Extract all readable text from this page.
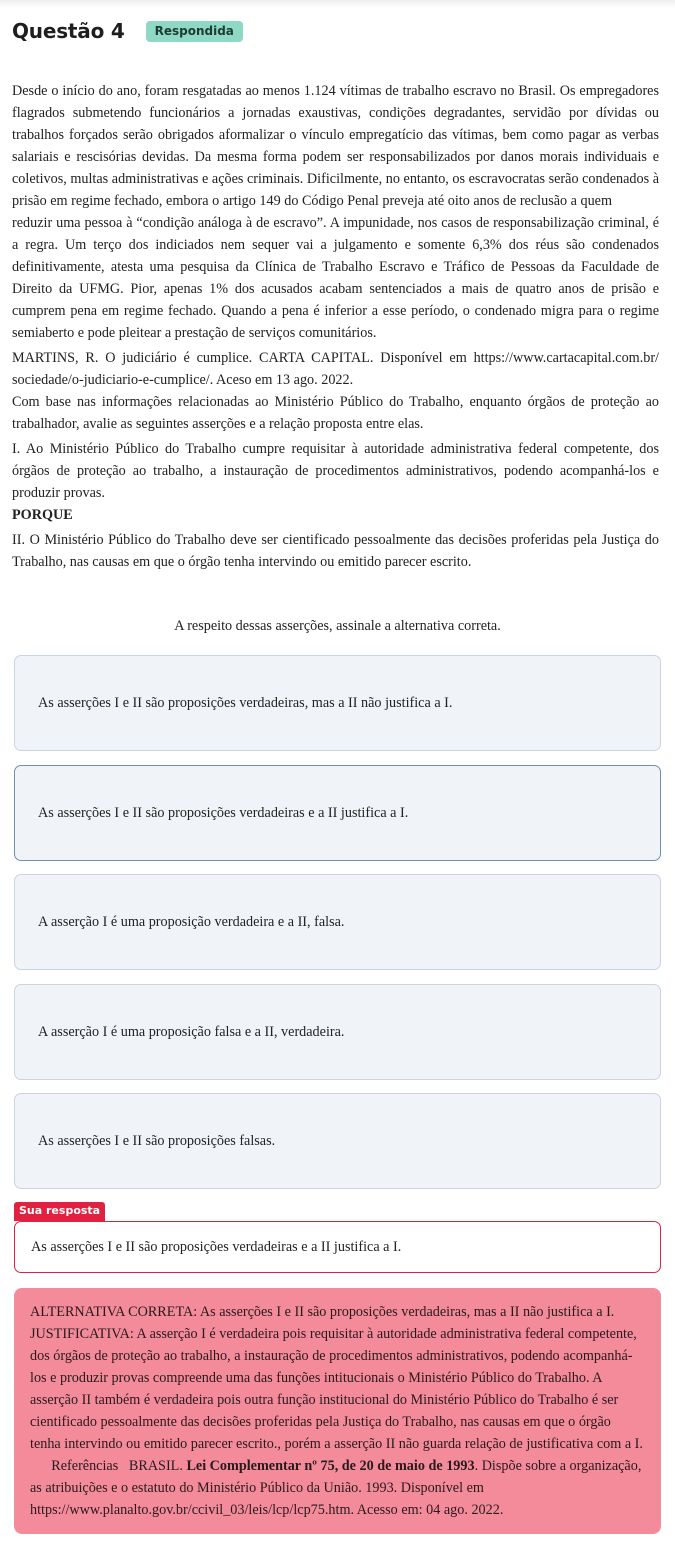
Questão 4	Respondida

Desde o início do ano, foram resgatadas ao menos 1.124 vítimas de trabalho escravo no Brasil. Os empregadores flagrados submetendo funcionários a jornadas exaustivas, condições degradantes, servidão por dívidas ou trabalhos forçados serão obrigados aformalizar o vínculo empregatício das vítimas, bem como pagar as verbas salariais e rescisórias devidas. Da mesma forma podem ser responsabilizados por danos morais individuais e coletivos, multas administrativas e ações criminais. Dificilmente, no entanto, os escravocratas serão condenados à prisão em regime fechado, embora o artigo 149 do Código Penal preveja até oito anos de reclusão a quem

reduzir uma pessoa à “condição análoga à de escravo”. A impunidade, nos casos de responsabilização criminal, é a regra. Um terço dos indiciados nem sequer vai a julgamento e somente 6,3% dos réus são condenados definitivamente, atesta uma pesquisa da Clínica de Trabalho Escravo e Tráfico de Pessoas da Faculdade de Direito da UFMG. Pior, apenas 1% dos acusados acabam sentenciados a mais de quatro anos de prisão e cumprem pena em regime fechado. Quando a pena é inferior a esse período, o condenado migra para o regime semiaberto e pode pleitear a prestação de serviços comunitários.

MARTINS, R. O judiciário é cumplice. CARTA CAPITAL. Disponível em https://www.cartacapital.com.br/ sociedade/o-judiciario-e-cumplice/. Aceso em 13 ago. 2022.

Com base nas informações relacionadas ao Ministério Público do Trabalho, enquanto órgãos de proteção ao trabalhador, avalie as seguintes asserções e a relação proposta entre elas.

I. Ao Ministério Público do Trabalho cumpre requisitar à autoridade administrativa federal competente, dos órgãos de proteção ao trabalho, a instauração de procedimentos administrativos, podendo acompanhá-los e produzir provas.

PORQUE

II. O Ministério Público do Trabalho deve ser cientificado pessoalmente das decisões proferidas pela Justiça do Trabalho, nas causas em que o órgão tenha intervindo ou emitido parecer escrito.

A respeito dessas asserções, assinale a alternativa correta.
As asserções I e II são proposições verdadeiras, mas a II não justifica a I.
As asserções I e II são proposições verdadeiras e a II justifica a I.
A asserção I é uma proposição verdadeira e a II, falsa.
A asserção I é uma proposição falsa e a II, verdadeira.
As asserções I e II são proposições falsas.
Sua resposta
As asserções I e II são proposições verdadeiras e a II justifica a I.
ALTERNATIVA CORRETA: As asserções I e II são proposições verdadeiras, mas a II não justifica a I. JUSTIFICATIVA: A asserção I é verdadeira pois requisitar à autoridade administrativa federal competente, dos órgãos de proteção ao trabalho, a instauração de procedimentos administrativos, podendo acompanhá-los e produzir provas compreende uma das funções intitucionais o Ministério Público do Trabalho. A asserção II também é verdadeira pois outra função institucional do Ministério Público do Trabalho é ser cientificado pessoalmente das decisões proferidas pela Justiça do Trabalho, nas causas em que o órgão tenha intervindo ou emitido parecer escrito., porém a asserção II não guarda relação de justificativa com a I.       Referências BRASIL. Lei Complementar nº 75, de 20 de maio de 1993. Dispõe sobre a organização, as atribuições e o estatuto do Ministério Público da União. 1993. Disponível em https://www.planalto.gov.br/ccivil_03/leis/lcp/lcp75.htm. Acesso em: 04 ago. 2022.
